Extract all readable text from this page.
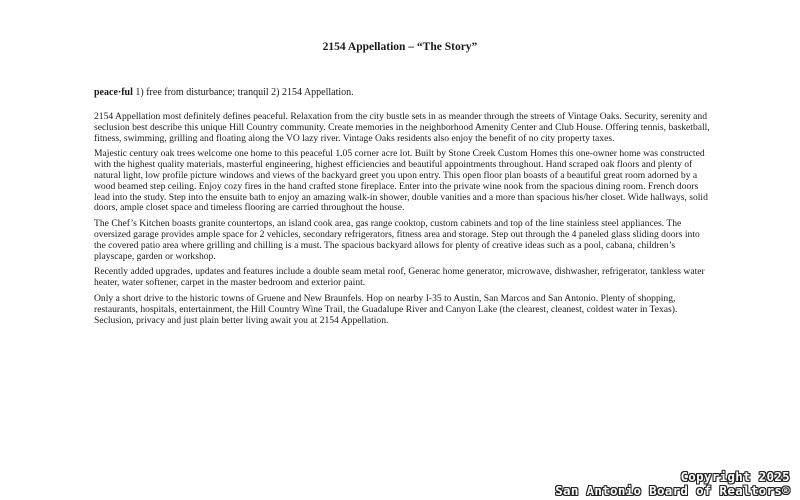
2154 Appellation – “The Story”
peace·ful 1) free from disturbance; tranquil 2) 2154 Appellation.

2154 Appellation most definitely defines peaceful. Relaxation from the city bustle sets in as meander through the streets of Vintage Oaks. Security, serenity and seclusion best describe this unique Hill Country community. Create memories in the neighborhood Amenity Center and Club House. Offering tennis, basketball, fitness, swimming, grilling and floating along the VO lazy river. Vintage Oaks residents also enjoy the benefit of no city property taxes.

Majestic century oak trees welcome one home to this peaceful 1.05 corner acre lot. Built by Stone Creek Custom Homes this one-owner home was constructed with the highest quality materials, masterful engineering, highest efficiencies and beautiful appointments throughout. Hand scraped oak floors and plenty of natural light, low profile picture windows and views of the backyard greet you upon entry. This open floor plan boasts of a beautiful great room adorned by a wood beamed step ceiling. Enjoy cozy fires in the hand crafted stone fireplace. Enter into the private wine nook from the spacious dining room. French doors lead into the study. Step into the ensuite bath to enjoy an amazing walk-in shower, double vanities and a more than spacious his/her closet. Wide hallways, solid doors, ample closet space and timeless flooring are carried throughout the house.

The Chef’s Kitchen boasts granite countertops, an island cook area, gas range cooktop, custom cabinets and top of the line stainless steel appliances. The oversized garage provides ample space for 2 vehicles, secondary refrigerators, fitness area and storage. Step out through the 4 paneled glass sliding doors into the covered patio area where grilling and chilling is a must. The spacious backyard allows for plenty of creative ideas such as a pool, cabana, children’s playscape, garden or workshop.

Recently added upgrades, updates and features include a double seam metal roof, Generac home generator, microwave, dishwasher, refrigerator, tankless water heater, water softener, carpet in the master bedroom and exterior paint.

Only a short drive to the historic towns of Gruene and New Braunfels. Hop on nearby I-35 to Austin, San Marcos and San Antonio. Plenty of shopping, restaurants, hospitals, entertainment, the Hill Country Wine Trail, the Guadalupe River and Canyon Lake (the clearest, cleanest, coldest water in Texas). Seclusion, privacy and just plain better living await you at 2154 Appellation.

Copyright 2025
San Antonio Board of Realtors®
